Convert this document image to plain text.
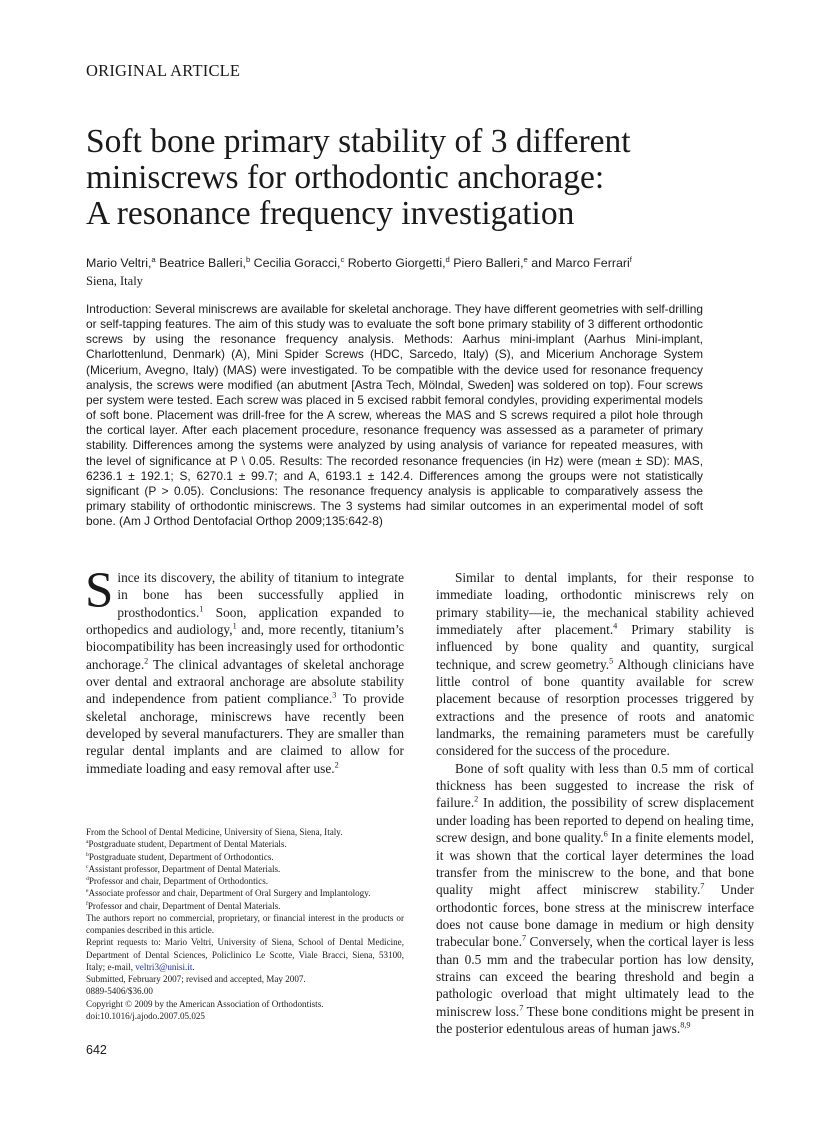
ORIGINAL ARTICLE
Soft bone primary stability of 3 different
miniscrews for orthodontic anchorage:
A resonance frequency investigation
Mario Veltri,$^a$ Beatrice Balleri,$^b$ Cecilia Goracci,$^c$ Roberto Giorgetti,$^d$ Piero Balleri,$^e$ and Marco Ferrari$^f$
Siena, Italy

Introduction: Several miniscrews are available for skeletal anchorage. They have different geometries with self-drilling or self-tapping features. The aim of this study was to evaluate the soft bone primary stability of 3 different orthodontic screws by using the resonance frequency analysis. Methods: Aarhus mini-implant (Aarhus Mini-implant, Charlottenlund, Denmark) (A), Mini Spider Screws (HDC, Sarcedo, Italy) (S), and Micerium Anchorage System (Micerium, Avegno, Italy) (MAS) were investigated. To be compatible with the device used for resonance frequency analysis, the screws were modified (an abutment [Astra Tech, Mölndal, Sweden] was soldered on top). Four screws per system were tested. Each screw was placed in 5 excised rabbit femoral condyles, providing experimental models of soft bone. Placement was drill-free for the A screw, whereas the MAS and S screws required a pilot hole through the cortical layer. After each placement procedure, resonance frequency was assessed as a parameter of primary stability. Differences among the systems were analyzed by using analysis of variance for repeated measures, with the level of significance at P \ 0.05. Results: The recorded resonance frequencies (in Hz) were (mean ± SD): MAS, 6236.1 ± 192.1; S, 6270.1 ± 99.7; and A, 6193.1 ± 142.4. Differences among the groups were not statistically significant (P > 0.05). Conclusions: The resonance frequency analysis is applicable to comparatively assess the primary stability of orthodontic miniscrews. The 3 systems had similar outcomes in an experimental model of soft bone. (Am J Orthod Dentofacial Orthop 2009;135:642-8)

Since its discovery, the ability of titanium to integrate in bone has been successfully applied in prosthodontics.$^1$ Soon, application expanded to orthopedics and audiology,$^1$ and, more recently, titanium’s biocompatibility has been increasingly used for orthodontic anchorage.$^2$ The clinical advantages of skeletal anchorage over dental and extraoral anchorage are absolute stability and independence from patient compliance.$^3$ To provide skeletal anchorage, miniscrews have recently been developed by several manufacturers. They are smaller than regular dental implants and are claimed to allow for immediate loading and easy removal after use.$^2$

From the School of Dental Medicine, University of Siena, Siena, Italy.

$^a$Postgraduate student, Department of Dental Materials.

$^b$Postgraduate student, Department of Orthodontics.

$^c$Assistant professor, Department of Dental Materials.

$^d$Professor and chair, Department of Orthodontics.

$^e$Associate professor and chair, Department of Oral Surgery and Implantology.

$^f$Professor and chair, Department of Dental Materials.

The authors report no commercial, proprietary, or financial interest in the products or companies described in this article.

Reprint requests to: Mario Veltri, University of Siena, School of Dental Medicine, Department of Dental Sciences, Policlinico Le Scotte, Viale Bracci, Siena, 53100, Italy; e-mail, veltri3@unisi.it.

Submitted, February 2007; revised and accepted, May 2007.

0889-5406/$36.00

Copyright © 2009 by the American Association of Orthodontists.

doi:10.1016/j.ajodo.2007.05.025

Similar to dental implants, for their response to immediate loading, orthodontic miniscrews rely on primary stability—ie, the mechanical stability achieved immediately after placement.$^4$ Primary stability is influenced by bone quality and quantity, surgical technique, and screw geometry.$^5$ Although clinicians have little control of bone quantity available for screw placement because of resorption processes triggered by extractions and the presence of roots and anatomic landmarks, the remaining parameters must be carefully considered for the success of the procedure.

Bone of soft quality with less than 0.5 mm of cortical thickness has been suggested to increase the risk of failure.$^2$ In addition, the possibility of screw displacement under loading has been reported to depend on healing time, screw design, and bone quality.$^6$ In a finite elements model, it was shown that the cortical layer determines the load transfer from the miniscrew to the bone, and that bone quality might affect miniscrew stability.$^7$ Under orthodontic forces, bone stress at the miniscrew interface does not cause bone damage in medium or high density trabecular bone.$^7$ Conversely, when the cortical layer is less than 0.5 mm and the trabecular portion has low density, strains can exceed the bearing threshold and begin a pathologic overload that might ultimately lead to the miniscrew loss.$^7$ These bone conditions might be present in the posterior edentulous areas of human jaws.$^{8,9}$

642
